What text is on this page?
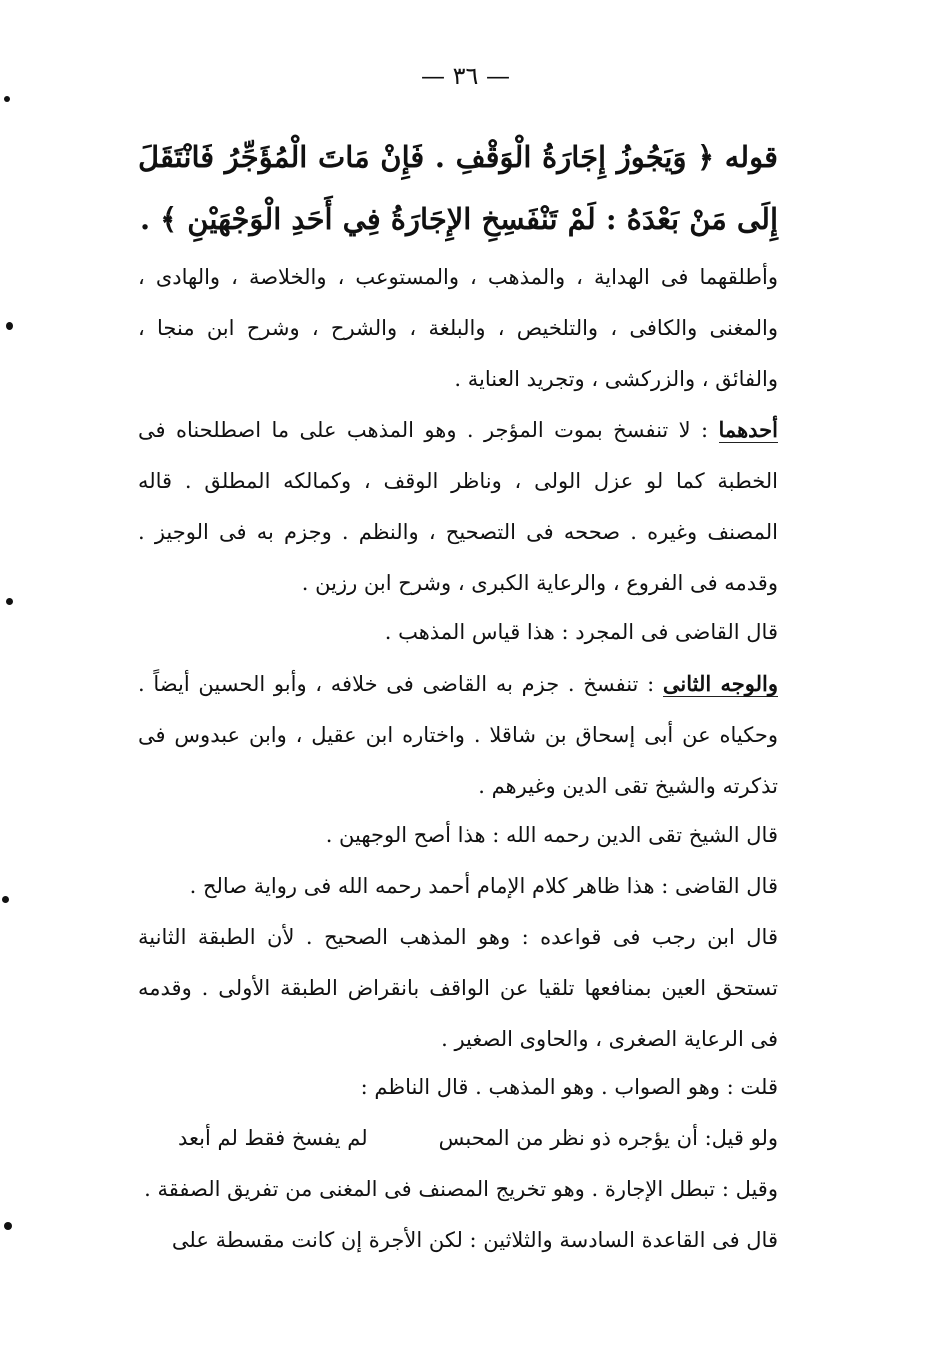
— ٣٦ —
قوله ﴿ وَيَجُوزُ إِجَارَةُ الْوَقْفِ . فَإِنْ مَاتَ الْمُؤَجِّرُ فَانْتَقَلَ إِلَى مَنْ بَعْدَهُ : لَمْ تَنْفَسِخِ الإِجَارَةُ فِي أَحَدِ الْوَجْهَيْنِ ﴾ .
وأطلقهما فى الهداية ، والمذهب ، والمستوعب ، والخلاصة ، والهادى ، والمغنى والكافى ، والتلخيص ، والبلغة ، والشرح ، وشرح ابن منجا ، والفائق ، والزركشى ، وتجريد العناية .
أحدهما : لا تنفسخ بموت المؤجر . وهو المذهب على ما اصطلحناه فى الخطبة كما لو عزل الولى ، وناظر الوقف ، وكمالكه المطلق . قاله المصنف وغيره . صححه فى التصحيح ، والنظم . وجزم به فى الوجيز . وقدمه فى الفروع ، والرعاية الكبرى ، وشرح ابن رزين .
قال القاضى فى المجرد : هذا قياس المذهب .
والوجه الثانى : تنفسخ . جزم به القاضى فى خلافه ، وأبو الحسين أيضاً . وحكياه عن أبى إسحاق بن شاقلا . واختاره ابن عقيل ، وابن عبدوس فى تذكرته والشيخ تقى الدين وغيرهم .
قال الشيخ تقى الدين رحمه الله : هذا أصح الوجهين .
قال القاضى : هذا ظاهر كلام الإمام أحمد رحمه الله فى رواية صالح .
قال ابن رجب فى قواعده : وهو المذهب الصحيح . لأن الطبقة الثانية تستحق العين بمنافعها تلقيا عن الواقف بانقراض الطبقة الأولى . وقدمه فى الرعاية الصغرى ، والحاوى الصغير .
قلت : وهو الصواب . وهو المذهب . قال الناظم :
ولو قيل: أن يؤجره ذو نظر من المحبس
لم يفسخ فقط لم أبعد
وقيل : تبطل الإجارة . وهو تخريج المصنف فى المغنى من تفريق الصفقة .
قال فى القاعدة السادسة والثلاثين : لكن الأجرة إن كانت مقسطة على
